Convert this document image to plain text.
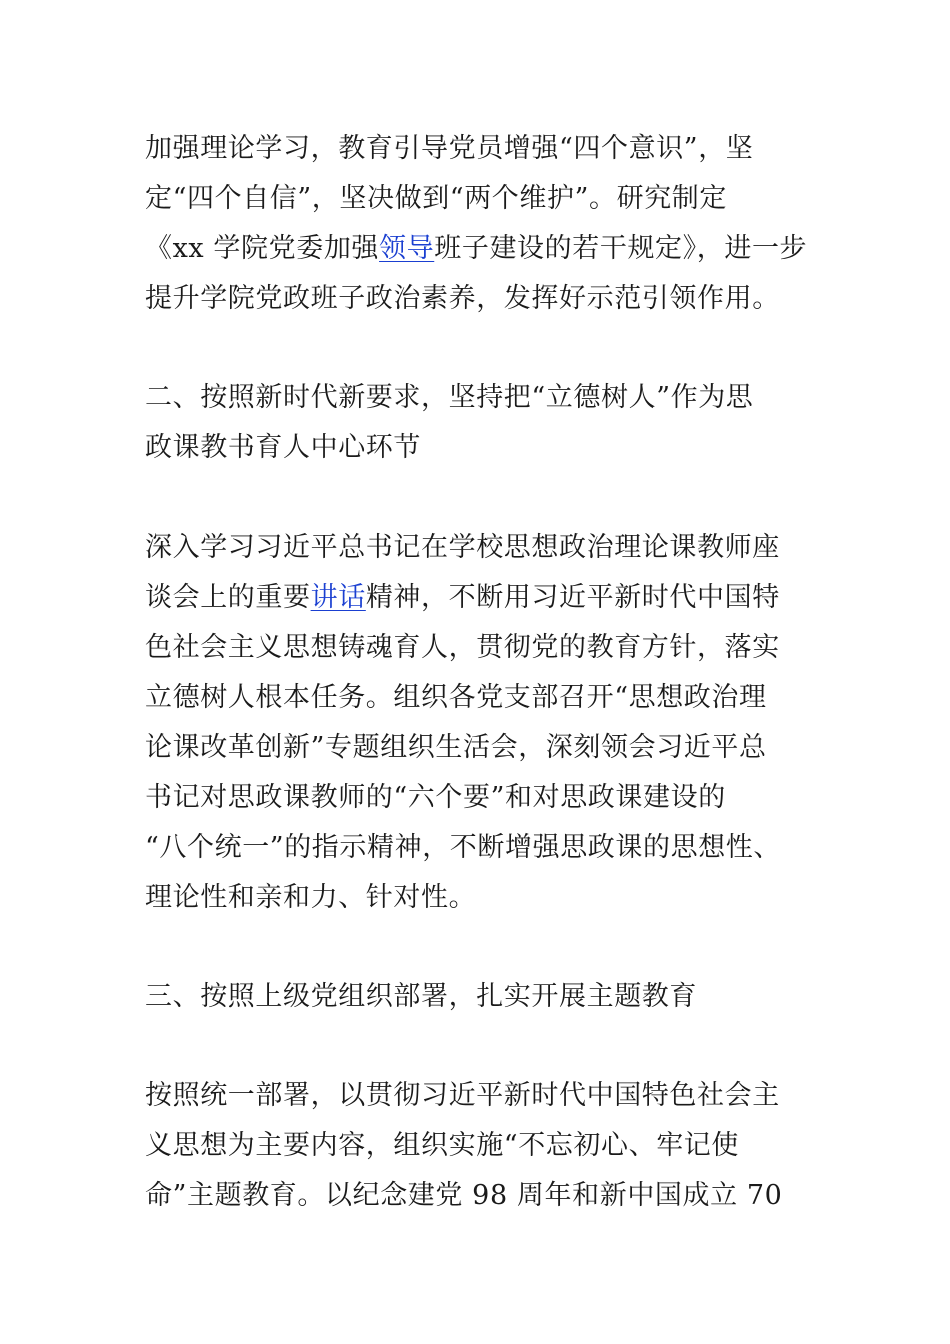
加强理论学习，教育引导党员增强“四个意识”，坚
定“四个自信”，坚决做到“两个维护”。研究制定
《xx 学院党委加强领导班子建设的若干规定》，进一步
提升学院党政班子政治素养，发挥好示范引领作用。
二、按照新时代新要求，坚持把“立德树人”作为思
政课教书育人中心环节
深入学习习近平总书记在学校思想政治理论课教师座
谈会上的重要讲话精神，不断用习近平新时代中国特
色社会主义思想铸魂育人，贯彻党的教育方针，落实
立德树人根本任务。组织各党支部召开“思想政治理
论课改革创新”专题组织生活会，深刻领会习近平总
书记对思政课教师的“六个要”和对思政课建设的
“八个统一”的指示精神，不断增强思政课的思想性、
理论性和亲和力、针对性。
三、按照上级党组织部署，扎实开展主题教育
按照统一部署，以贯彻习近平新时代中国特色社会主
义思想为主要内容，组织实施“不忘初心、牢记使
命”主题教育。以纪念建党 98 周年和新中国成立 70
